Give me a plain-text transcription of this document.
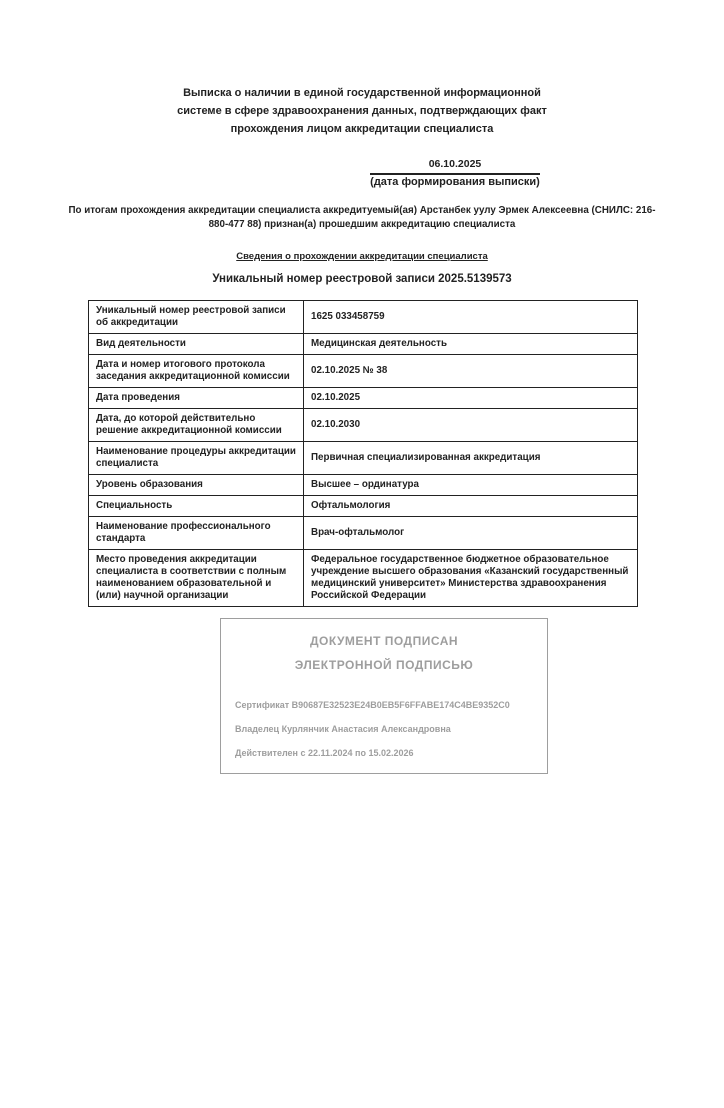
Выписка о наличии в единой государственной информационной
системе в сфере здравоохранения данных, подтверждающих факт
прохождения лицом аккредитации специалиста
06.10.2025
(дата формирования выписки)
По итогам прохождения аккредитации специалиста аккредитуемый(ая) Арстанбек уулу Эрмек Алексеевна (СНИЛС: 216-
880-477 88) признан(а) прошедшим аккредитацию специалиста
Сведения о прохождении аккредитации специалиста
Уникальный номер реестровой записи 2025.5139573
Уникальный номер реестровой записи об аккредитации	1625 033458759
Вид деятельности	Медицинская деятельность
Дата и номер итогового протокола заседания аккредитационной комиссии	02.10.2025 № 38
Дата проведения	02.10.2025
Дата, до которой действительно решение аккредитационной комиссии	02.10.2030
Наименование процедуры аккредитации специалиста	Первичная специализированная аккредитация
Уровень образования	Высшее – ординатура
Специальность	Офтальмология
Наименование профессионального стандарта	Врач-офтальмолог
Место проведения аккредитации специалиста в соответствии с полным наименованием образовательной и (или) научной организации	Федеральное государственное бюджетное образовательное учреждение высшего образования «Казанский государственный медицинский университет» Министерства здравоохранения Российской Федерации
ДОКУМЕНТ ПОДПИСАН
ЭЛЕКТРОННОЙ ПОДПИСЬЮ
Сертификат B90687E32523E24B0EB5F6FFABE174C4BE9352C0
Владелец Курлянчик Анастасия Александровна
Действителен с 22.11.2024 по 15.02.2026
